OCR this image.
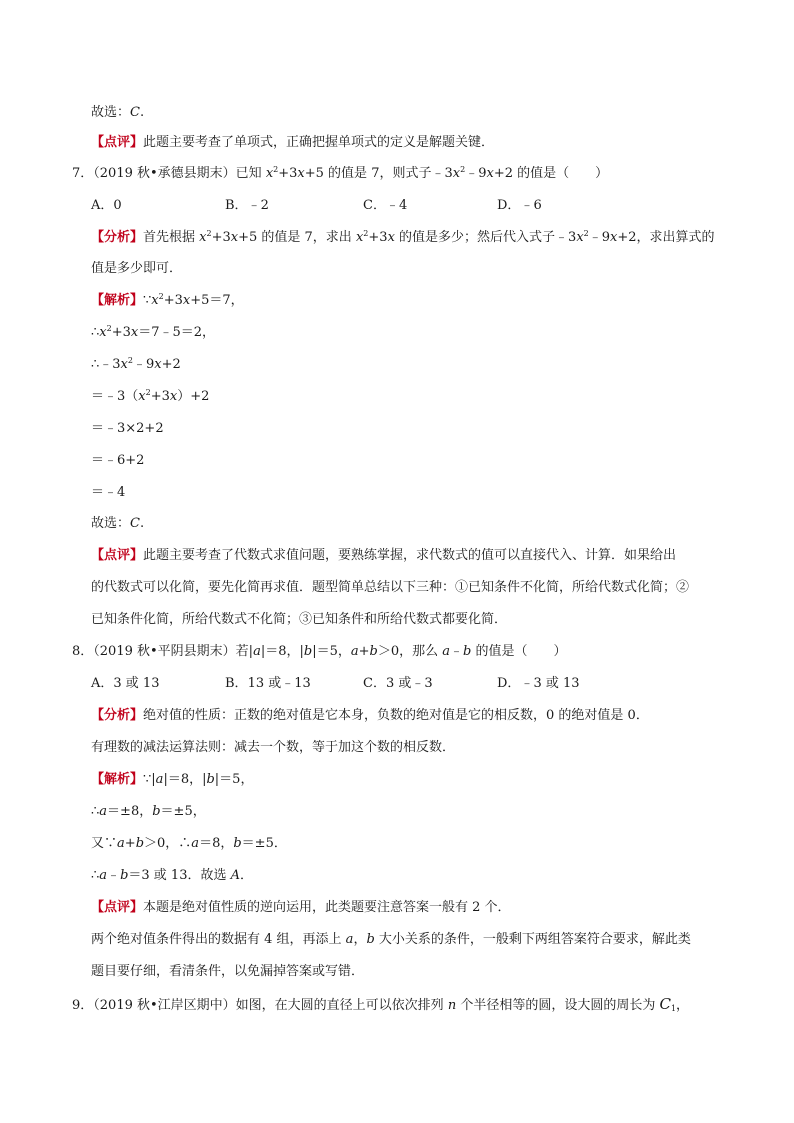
故选：C.
【点评】此题主要考查了单项式，正确把握单项式的定义是解题关键．
7．（2019 秋•承德县期末）已知 $x^2+3x+5$ 的值是 7，则式子$﹣3x^2﹣9x+2$ 的值是（　　）
A．0	B．﹣2	C．﹣4	D．﹣6
【分析】首先根据 $x^2+3x+5$ 的值是 7，求出 $x^2+3x$ 的值是多少；然后代入式子$﹣3x^2﹣9x+2$，求出算式的
值是多少即可．
【解析】$\because x^2+3x+5=7$，
$\therefore x^2+3x=7﹣5=2$，
$\therefore﹣3x^2﹣9x+2$
$=﹣3(x^2+3x)+2$
＝﹣3×2+2
＝﹣6+2
＝﹣4
故选：C.
【点评】此题主要考查了代数式求值问题，要熟练掌握，求代数式的值可以直接代入、计算．如果给出
的代数式可以化简，要先化简再求值．题型简单总结以下三种：①已知条件不化简，所给代数式化简；②
已知条件化简，所给代数式不化简；③已知条件和所给代数式都要化简．
8．（2019 秋•平阴县期末）若|a|＝8，|b|＝5，a+b＞0，那么 a﹣b 的值是（　　）
A．3 或 13	B．13 或﹣13	C．3 或﹣3	D．﹣3 或 13
【分析】绝对值的性质：正数的绝对值是它本身，负数的绝对值是它的相反数，0 的绝对值是 0．
有理数的减法运算法则：减去一个数，等于加这个数的相反数．
【解析】∵|a|＝8，|b|＝5，
∴a＝±8，b＝±5，
又∵a+b＞0，∴a＝8，b＝±5．
∴a﹣b＝3 或 13．故选 A．
【点评】本题是绝对值性质的逆向运用，此类题要注意答案一般有 2 个．
两个绝对值条件得出的数据有 4 组，再添上 a，b 大小关系的条件，一般剩下两组答案符合要求，解此类
题目要仔细，看清条件，以免漏掉答案或写错．
9．（2019 秋•江岸区期中）如图，在大圆的直径上可以依次排列 n 个半径相等的圆，设大圆的周长为 $C_1$，
